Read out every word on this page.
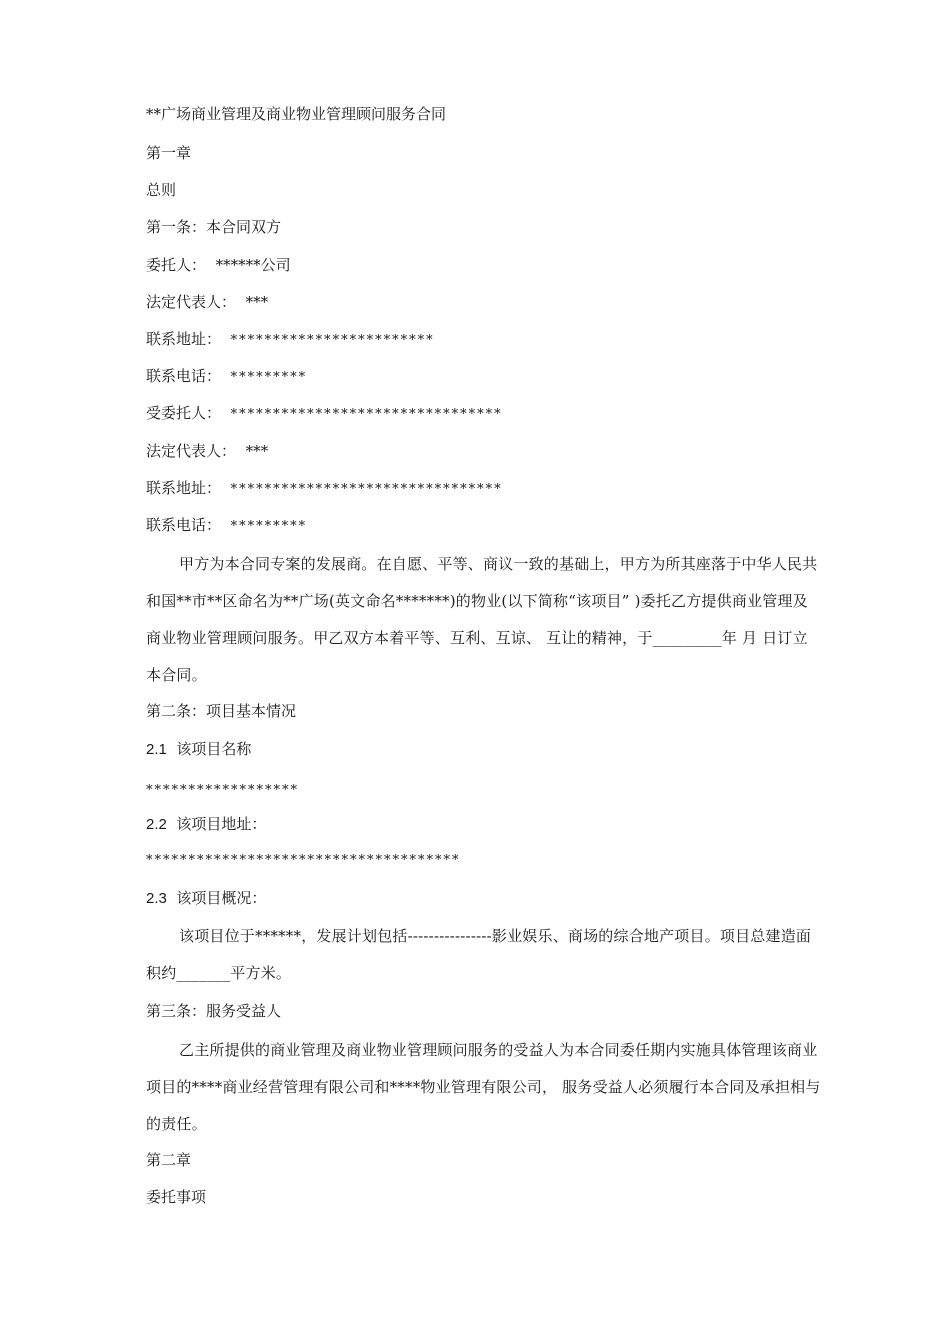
**广场商业管理及商业物业管理顾问服务合同
第一章
总则
第一条：本合同双方
委托人： ******公司
法定代表人： ***
联系地址： ************************
联系电话： *********
受委托人： ********************************
法定代表人： ***
联系地址： ********************************
联系电话： *********
甲方为本合同专案的发展商。在自愿、平等、商议一致的基础上，甲方为所其座落于中华人民共和国**市**区命名为**广场(英文命名*******)的物业(以下简称“该项目” )委托乙方提供商业管理及商业物业管理顾问服务。甲乙双方本着平等、互利、互谅、 互让的精神，于_________年 月 日订立本合同。
第二条：项目基本情况
2.1 该项目名称
******************
2.2 该项目地址：
*************************************
2.3 该项目概况：
该项目位于******，发展计划包括----------------影业娱乐、商场的综合地产项目。项目总建造面积约_______平方米。
第三条：服务受益人
乙主所提供的商业管理及商业物业管理顾问服务的受益人为本合同委任期内实施具体管理该商业项目的****商业经营管理有限公司和****物业管理有限公司， 服务受益人必须履行本合同及承担相与的责任。
第二章
委托事项
